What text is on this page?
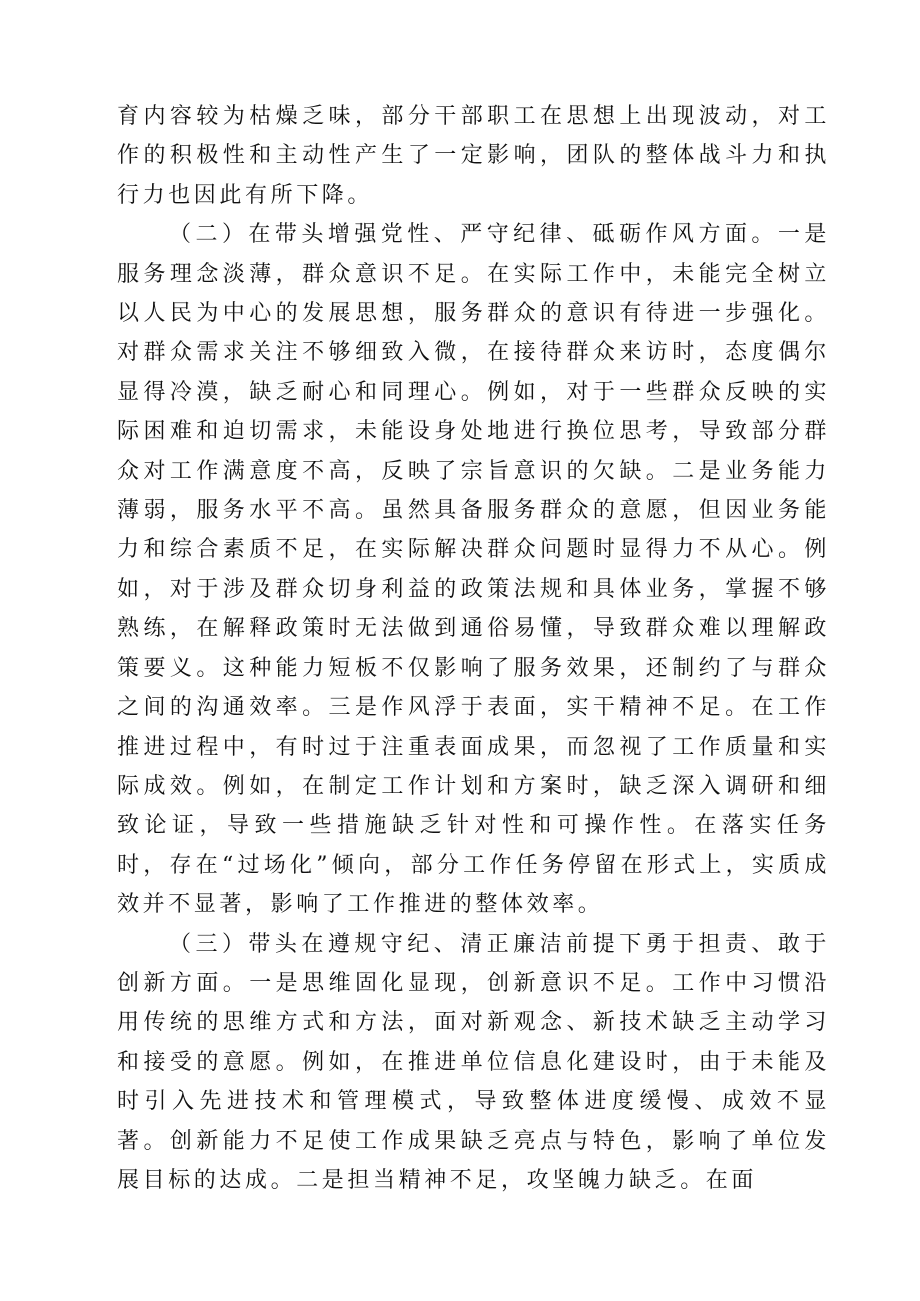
育内容较为枯燥乏味，部分干部职工在思想上出现波动，对工作的积极性和主动性产生了一定影响，团队的整体战斗力和执行力也因此有所下降。

（二）在带头增强党性、严守纪律、砥砺作风方面。一是服务理念淡薄，群众意识不足。在实际工作中，未能完全树立以人民为中心的发展思想，服务群众的意识有待进一步强化。对群众需求关注不够细致入微，在接待群众来访时，态度偶尔显得冷漠，缺乏耐心和同理心。例如，对于一些群众反映的实际困难和迫切需求，未能设身处地进行换位思考，导致部分群众对工作满意度不高，反映了宗旨意识的欠缺。二是业务能力薄弱，服务水平不高。虽然具备服务群众的意愿，但因业务能力和综合素质不足，在实际解决群众问题时显得力不从心。例如，对于涉及群众切身利益的政策法规和具体业务，掌握不够熟练，在解释政策时无法做到通俗易懂，导致群众难以理解政策要义。这种能力短板不仅影响了服务效果，还制约了与群众之间的沟通效率。三是作风浮于表面，实干精神不足。在工作推进过程中，有时过于注重表面成果，而忽视了工作质量和实际成效。例如，在制定工作计划和方案时，缺乏深入调研和细致论证，导致一些措施缺乏针对性和可操作性。在落实任务时，存在“过场化”倾向，部分工作任务停留在形式上，实质成效并不显著，影响了工作推进的整体效率。

（三）带头在遵规守纪、清正廉洁前提下勇于担责、敢于创新方面。一是思维固化显现，创新意识不足。工作中习惯沿用传统的思维方式和方法，面对新观念、新技术缺乏主动学习和接受的意愿。例如，在推进单位信息化建设时，由于未能及时引入先进技术和管理模式，导致整体进度缓慢、成效不显著。创新能力不足使工作成果缺乏亮点与特色，影响了单位发展目标的达成。二是担当精神不足，攻坚魄力缺乏。在面
